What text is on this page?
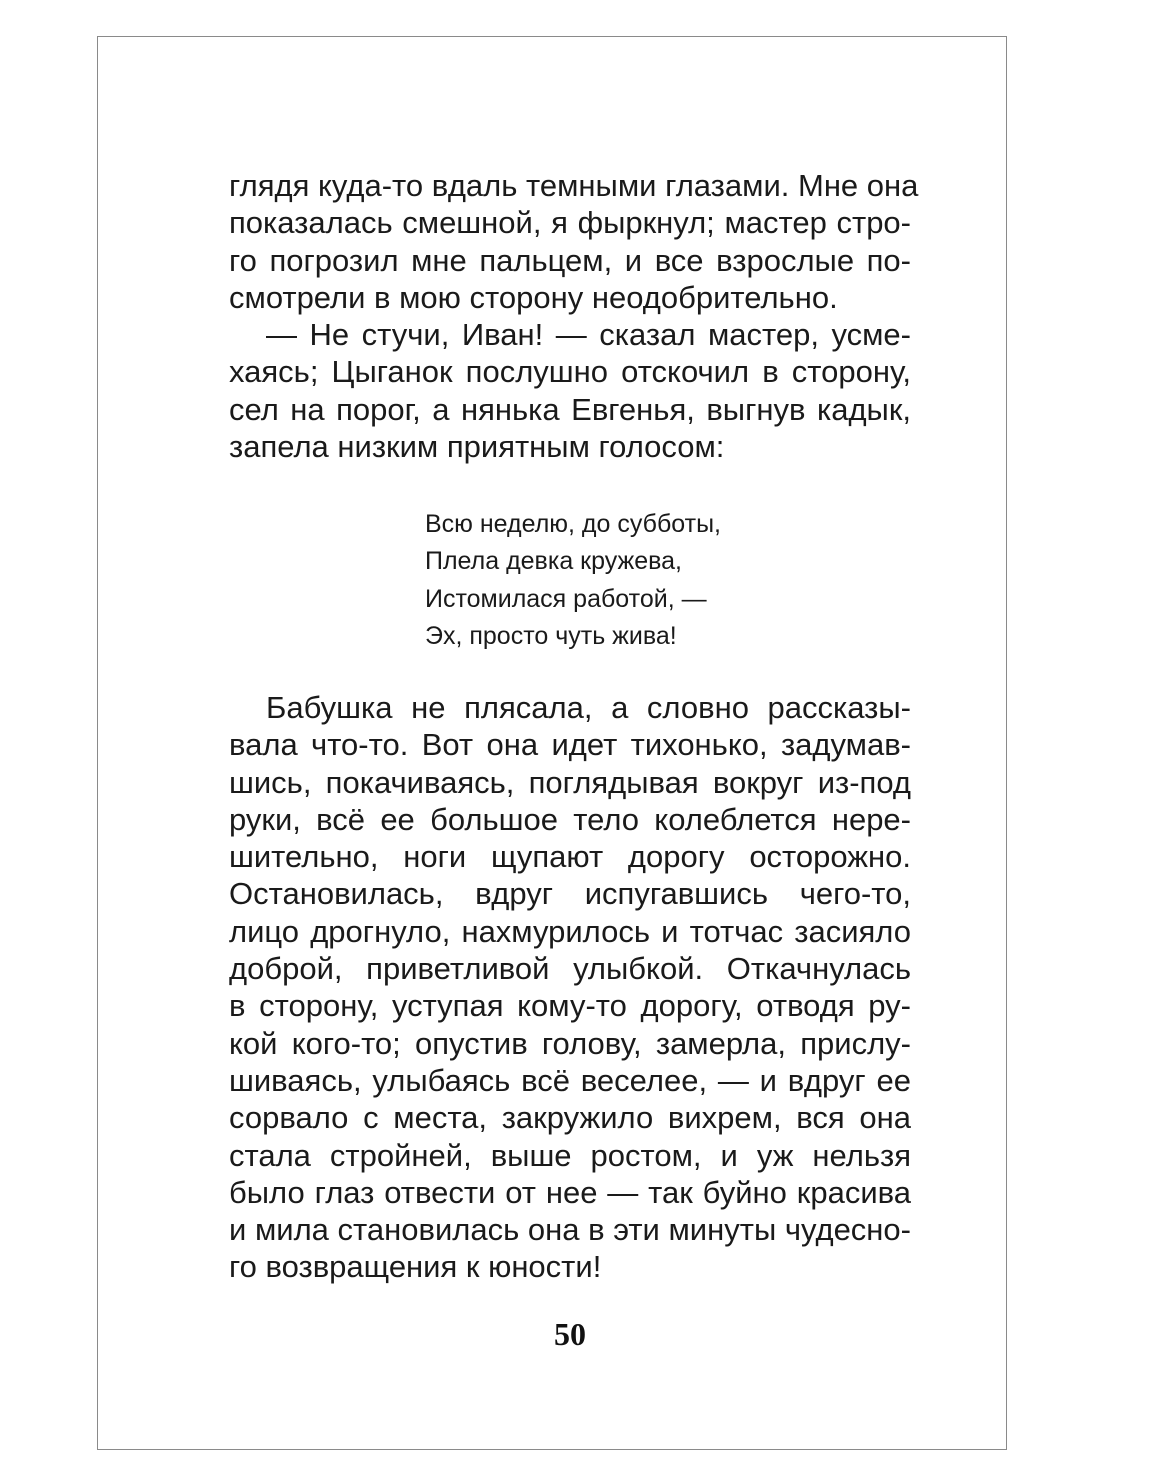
глядя куда-то вдаль темными глазами. Мне она
показалась смешной, я фыркнул; мастер стро-
го погрозил мне пальцем, и все взрослые по-
смотрели в мою сторону неодобрительно.
— Не стучи, Иван! — сказал мастер, усме-
хаясь; Цыганок послушно отскочил в сторону,
сел на порог, а нянька Евгенья, выгнув кадык,
запела низким приятным голосом:
Всю неделю, до субботы,
Плела девка кружева,
Истомилася работой, —
Эх, просто чуть жива!
Бабушка не плясала, а словно рассказы-
вала что-то. Вот она идет тихонько, задумав-
шись, покачиваясь, поглядывая вокруг из-под
руки, всё ее большое тело колеблется нере-
шительно, ноги щупают дорогу осторожно.
Остановилась, вдруг испугавшись чего-то,
лицо дрогнуло, нахмурилось и тотчас засияло
доброй, приветливой улыбкой. Откачнулась
в сторону, уступая кому-то дорогу, отводя ру-
кой кого-то; опустив голову, замерла, прислу-
шиваясь, улыбаясь всё веселее, — и вдруг ее
сорвало с места, закружило вихрем, вся она
стала стройней, выше ростом, и уж нельзя
было глаз отвести от нее — так буйно красива
и мила становилась она в эти минуты чудесно-
го возвращения к юности!
50
